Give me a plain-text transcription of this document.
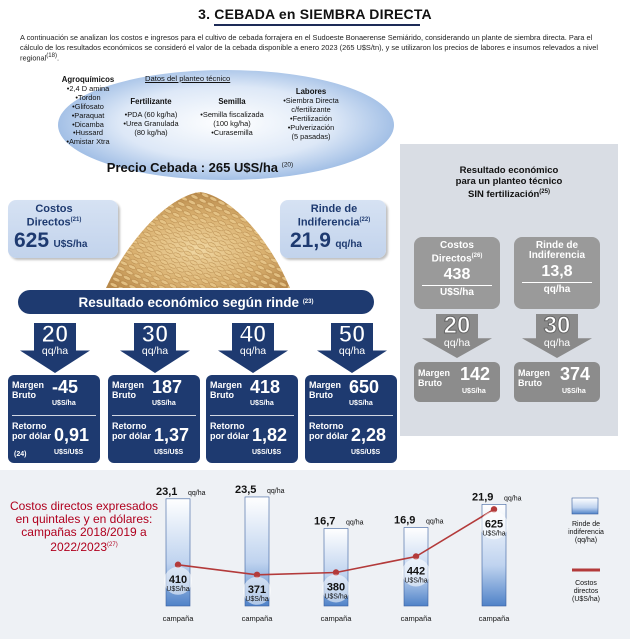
3. CEBADA en SIEMBRA DIRECTA
A continuación se analizan los costos e ingresos para el cultivo de cebada forrajera en el Sudoeste Bonaerense Semiárido, considerando un plante de siembra directa. Para el cálculo de los resultados económicos se consideró el valor de la cebada disponible a enero 2023 (265 U$S/tn), y se utilizaron los precios de labores e insumos relevados a nivel regional$^{(18)}$.
Datos del planteo técnico
Agroquímicos
•2,4 D amina
•Tordon
•Glifosato
•Paraquat
•Dicamba
•Hussard
•Amistar Xtra
Fertilizante
•PDA (60 kg/ha)
•Urea Granulada
(80 kg/ha)
Semilla
•Semilla fiscalizada
(100 kg/ha)
•Curasemilla
Labores
•Siembra Directa
c/fertilizante
•Fertilización
•Pulverización
(5 pasadas)
Precio Cebada : 265 U$S/ha $^{(20)}$
Costos Directos$^{(21)}$
625 U$S/ha
Rinde de Indiferencia$^{(22)}$
21,9 qq/ha
Resultado económico según rinde
(23)
20
qq/ha
Margen Bruto -45
U$S/ha
Retorno por dólar
(24)
0,91
U$S/U$S
30
qq/ha
Margen Bruto 187
U$S/ha
Retorno por dólar 1,37
U$S/U$S
40
qq/ha
Margen Bruto 418
U$S/ha
Retorno por dólar 1,82
U$S/U$S
50
qq/ha
Margen Bruto 650
U$S/ha
Retorno por dólar 2,28
U$S/U$S
Resultado económico
para un planteo técnico
SIN fertilización$^{(25)}$
Costos Directos$^{(26)}$
438
U$S/ha
Rinde de Indiferencia
13,8
qq/ha
20
qq/ha
Margen Bruto	142
U$S/ha
30
qq/ha
Margen Bruto	374
U$S/ha
Costos directos expresados en quintales y en dólares: campañas 2018/2019 a 2022/2023$^{(27)}$
23,1 qq/ha
campaña
23,5 qq/ha
campaña
16,7 qq/ha
campaña
16,9 qq/ha
campaña
21,9 qq/ha
campaña
410
U$S/ha	371
U$S/ha
380
U$S/ha
442
U$S/ha
625
U$S/ha
Rinde de indiferencia (qq/ha)
Costos directos (U$S/ha)
